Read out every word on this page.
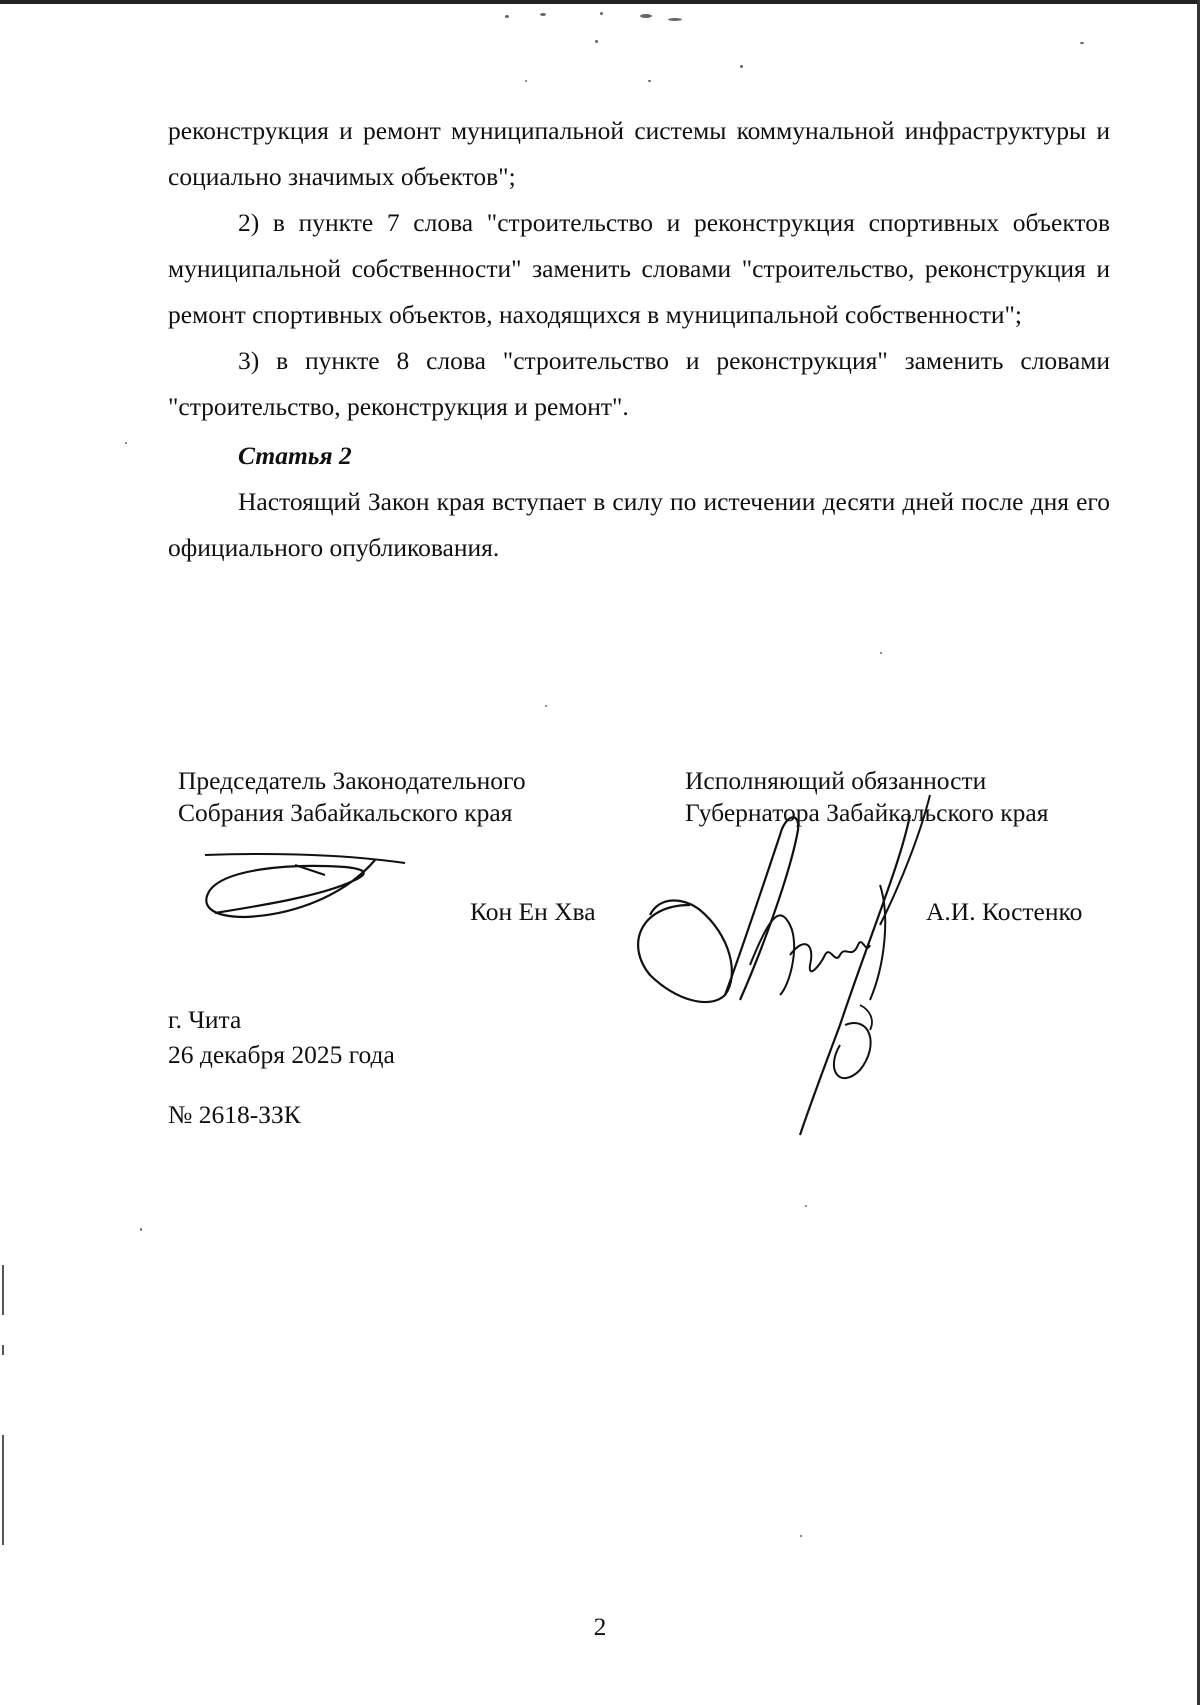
реконструкция и ремонт муниципальной системы коммунальной инфраструктуры и социально значимых объектов";

2) в пункте 7 слова "строительство и реконструкция спортивных объектов муниципальной собственности" заменить словами "строительство, реконструкция и ремонт спортивных объектов, находящихся в муниципальной собственности";

3) в пункте 8 слова "строительство и реконструкция" заменить словами "строительство, реконструкция и ремонт".

Статья 2

Настоящий Закон края вступает в силу по истечении десяти дней после дня его официального опубликования.

Председатель Законодательного
Собрания Забайкальского края
Кон Ен Хва
Исполняющий обязанности
Губернатора Забайкальского края
А.И. Костенко
г. Чита
26 декабря 2025 года
№ 2618-ЗЗК
2
